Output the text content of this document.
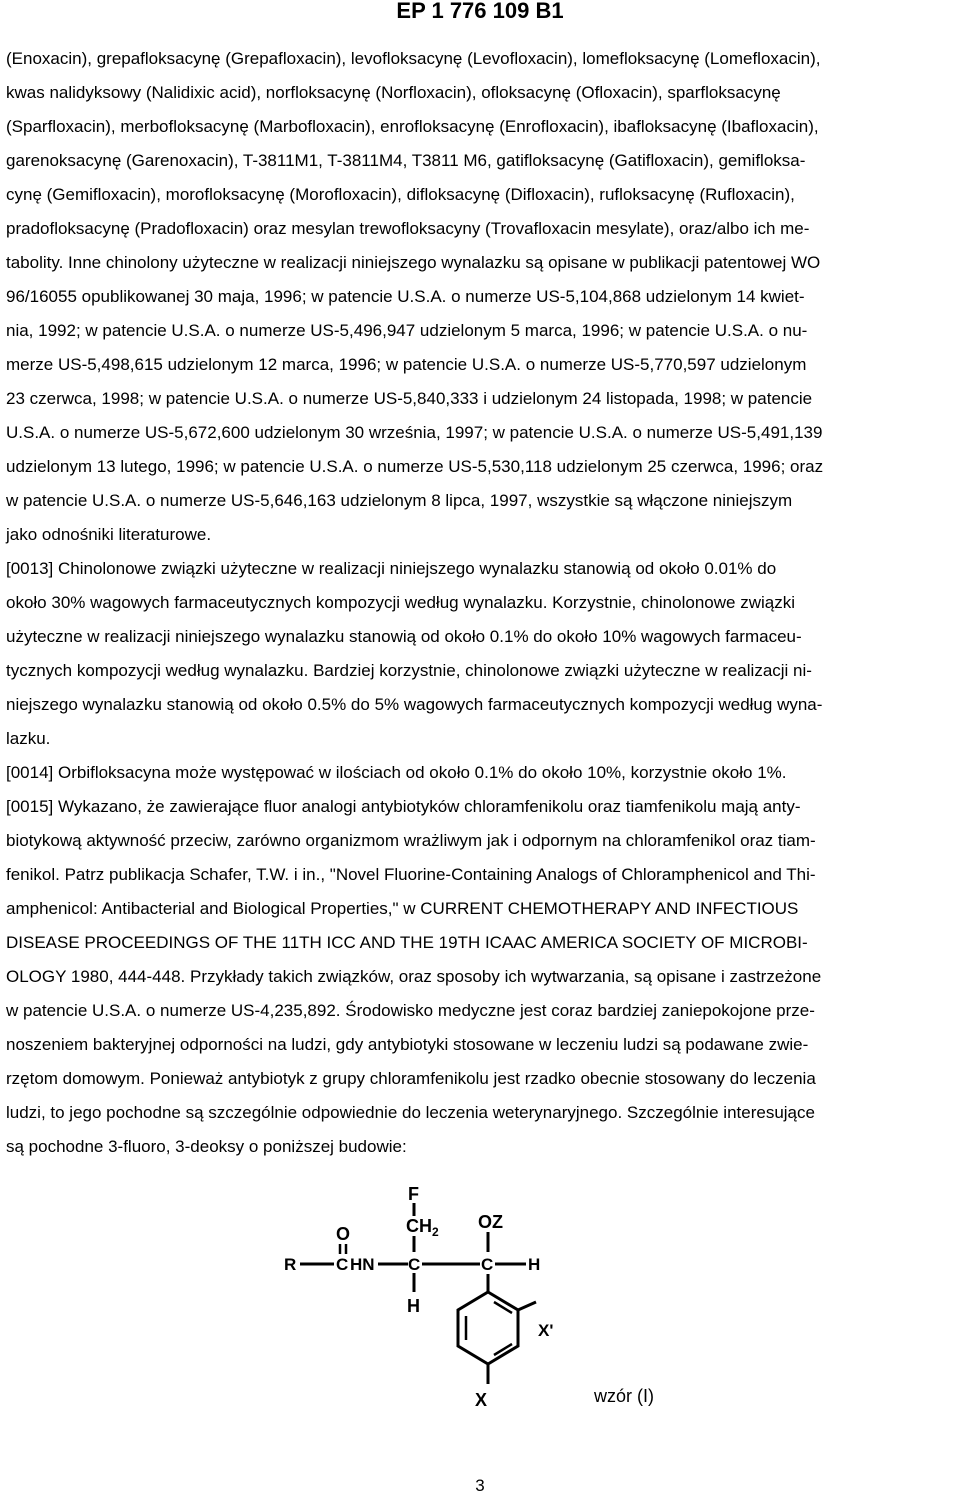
EP 1 776 109 B1
(Enoxacin), grepafloksacynę (Grepafloxacin), levofloksacynę (Levofloxacin), lomefloksacynę (Lomefloxacin),
kwas nalidyksowy (Nalidixic acid), norfloksacynę (Norfloxacin), ofloksacynę (Ofloxacin), sparfloksacynę
(Sparfloxacin), merbofloksacynę (Marbofloxacin), enrofloksacynę (Enrofloxacin), ibafloksacynę (Ibafloxacin),
garenoksacynę (Garenoxacin), T-3811M1, T-3811M4, T3811 M6, gatifloksacynę (Gatifloxacin), gemifloksa-
cynę (Gemifloxacin), morofloksacynę (Morofloxacin), difloksacynę (Difloxacin), rufloksacynę (Rufloxacin),
pradofloksacynę (Pradofloxacin) oraz mesylan trewofloksacyny (Trovafloxacin mesylate), oraz/albo ich me-
tabolity. Inne chinolony użyteczne w realizacji niniejszego wynalazku są opisane w publikacji patentowej WO
96/16055 opublikowanej 30 maja, 1996; w patencie U.S.A. o numerze US-5,104,868 udzielonym 14 kwiet-
nia, 1992; w patencie U.S.A. o numerze US-5,496,947 udzielonym 5 marca, 1996; w patencie U.S.A. o nu-
merze US-5,498,615 udzielonym 12 marca, 1996; w patencie U.S.A. o numerze US-5,770,597 udzielonym
23 czerwca, 1998; w patencie U.S.A. o numerze US-5,840,333 i udzielonym 24 listopada, 1998; w patencie
U.S.A. o numerze US-5,672,600 udzielonym 30 września, 1997; w patencie U.S.A. o numerze US-5,491,139
udzielonym 13 lutego, 1996; w patencie U.S.A. o numerze US-5,530,118 udzielonym 25 czerwca, 1996; oraz
w patencie U.S.A. o numerze US-5,646,163 udzielonym 8 lipca, 1997, wszystkie są włączone niniejszym
jako odnośniki literaturowe.
[0013] Chinolonowe związki użyteczne w realizacji niniejszego wynalazku stanowią od około 0.01% do
około 30% wagowych farmaceutycznych kompozycji według wynalazku. Korzystnie, chinolonowe związki
użyteczne w realizacji niniejszego wynalazku stanowią od około 0.1% do około 10% wagowych farmaceu-
tycznych kompozycji według wynalazku. Bardziej korzystnie, chinolonowe związki użyteczne w realizacji ni-
niejszego wynalazku stanowią od około 0.5% do 5% wagowych farmaceutycznych kompozycji według wyna-
lazku.
[0014] Orbifloksacyna może występować w ilościach od około 0.1% do około 10%, korzystnie około 1%.
[0015] Wykazano, że zawierające fluor analogi antybiotyków chloramfenikolu oraz tiamfenikolu mają anty-
biotykową aktywność przeciw, zarówno organizmom wrażliwym jak i odpornym na chloramfenikol oraz tiam-
fenikol. Patrz publikacja Schafer, T.W. i in., "Novel Fluorine-Containing Analogs of Chloramphenicol and Thi-
amphenicol: Antibacterial and Biological Properties," w CURRENT CHEMOTHERAPY AND INFECTIOUS
DISEASE PROCEEDINGS OF THE 11TH ICC AND THE 19TH ICAAC AMERICA SOCIETY OF MICROBI-
OLOGY 1980, 444-448. Przykłady takich związków, oraz sposoby ich wytwarzania, są opisane i zastrzeżone
w patencie U.S.A. o numerze US-4,235,892. Środowisko medyczne jest coraz bardziej zaniepokojone prze-
noszeniem bakteryjnej odporności na ludzi, gdy antybiotyki stosowane w leczeniu ludzi są podawane zwie-
rzętom domowym. Ponieważ antybiotyk z grupy chloramfenikolu jest rzadko obecnie stosowany do leczenia
ludzi, to jego pochodne są szczególnie odpowiednie do leczenia weterynaryjnego. Szczególnie interesujące
są pochodne 3-fluoro, 3-deoksy o poniższej budowie:
F
$CH_2$ OZ
O
R C HN C	C H
H
X'
X	wzór (I)
3
